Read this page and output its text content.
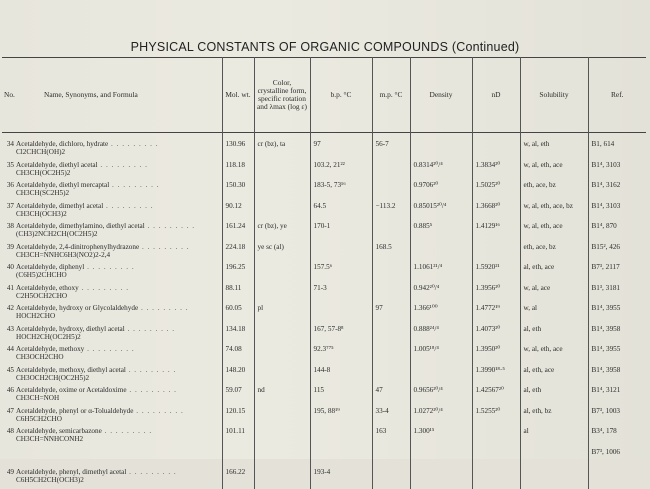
PHYSICAL CONSTANTS OF ORGANIC COMPOUNDS (Continued)
No. Name, Synonyms, and Formula	Mol. wt.	Color, crystalline form, specific rotation and λmax (log ε)	b.p. °C	m.p. °C	Density	nD	Solubility	Ref.

34 Acetaldehyde, dichloro, hydrate . . . . . . . . .
Cl2CHCH(OH)2	130.96	cr (bz), ta	97	56-7			w, al, eth	B1, 614

35 Acetaldehyde, diethyl acetal . . . . . . . . .
CH3CH(OC2H5)2	118.18		103.2, 21²²		0.8314²⁰/⁴	1.3834²⁰	w, al, eth, ace	B1⁴, 3103

36 Acetaldehyde, diethyl mercaptal . . . . . . . . .
CH3CH(SC2H5)2	150.30		183-5, 73¹⁶		0.9706²⁰	1.5025²⁰	eth, ace, bz	B1⁴, 3162

37 Acetaldehyde, dimethyl acetal . . . . . . . . .
CH3CH(OCH3)2	90.12		64.5	−113.2	0.85015²⁰/⁴	1.3668²⁰	w, al, eth, ace, bz	B1⁴, 3103

38 Acetaldehyde, dimethylamino, diethyl acetal . . . . . . . . .
(CH3)2NCH2CH(OC2H5)2	161.24	cr (bz), ye	170-1		0.885⁵	1.4129¹⁶	w, al, eth, ace	B1⁴, 870

39 Acetaldehyde, 2,4-dinitrophenylhydrazone . . . . . . . . .
CH3CH=NNHC6H3(NO2)2-2,4	224.18	ye sc (al)		168.5			eth, ace, bz	B15², 426

40 Acetaldehyde, diphenyl . . . . . . . . .
(C6H5)2CHCHO	196.25		157.5⁶		1.1061²¹/⁴	1.5920²¹	al, eth, ace	B7³, 2117

41 Acetaldehyde, ethoxy . . . . . . . . .
C2H5OCH2CHO	88.11		71-3		0.942²⁰/⁴	1.3956²⁰	w, al, ace	B1³, 3181

42 Acetaldehyde, hydroxy or Glycolaldehyde . . . . . . . . .
HOCH2CHO	60.05	pl		97	1.366¹⁰⁰	1.4772¹⁹	w, al	B1⁴, 3955

43 Acetaldehyde, hydroxy, diethyl acetal . . . . . . . . .
HOCH2CH(OC2H5)2	134.18		167, 57-8⁸		0.888²⁴/⁴	1.4073²⁰	al, eth	B1⁴, 3958

44 Acetaldehyde, methoxy . . . . . . . . .
CH3OCH2CHO	74.08		92.3⁷⁷⁵		1.005¹⁸/⁴	1.3950²⁰	w, al, eth, ace	B1⁴, 3955

45 Acetaldehyde, methoxy, diethyl acetal . . . . . . . . .
CH3OCH2CH(OC2H5)2	148.20		144-8			1.3990¹⁸·⁵	al, eth, ace	B1⁴, 3958

46 Acetaldehyde, oxime or Acetaldoxime . . . . . . . . .
CH3CH=NOH	59.07	nd	115	47	0.9656²⁰/⁴	1.42567²⁰	al, eth	B1⁴, 3121

47 Acetaldehyde, phenyl or α-Tolualdehyde . . . . . . . . .
C6H5CH2CHO	120.15		195, 88¹⁹	33-4	1.0272²⁰/⁴	1.5255²⁰	al, eth, bz	B7³, 1003

48 Acetaldehyde, semicarbazone . . . . . . . . .
CH3CH=NNHCONH2	101.11			163	1.300¹⁵		al	B3⁴, 178

								B7³, 1006

49 Acetaldehyde, phenyl, dimethyl acetal . . . . . . . . .
C6H5CH2CH(OCH3)2	166.22		193-4					
